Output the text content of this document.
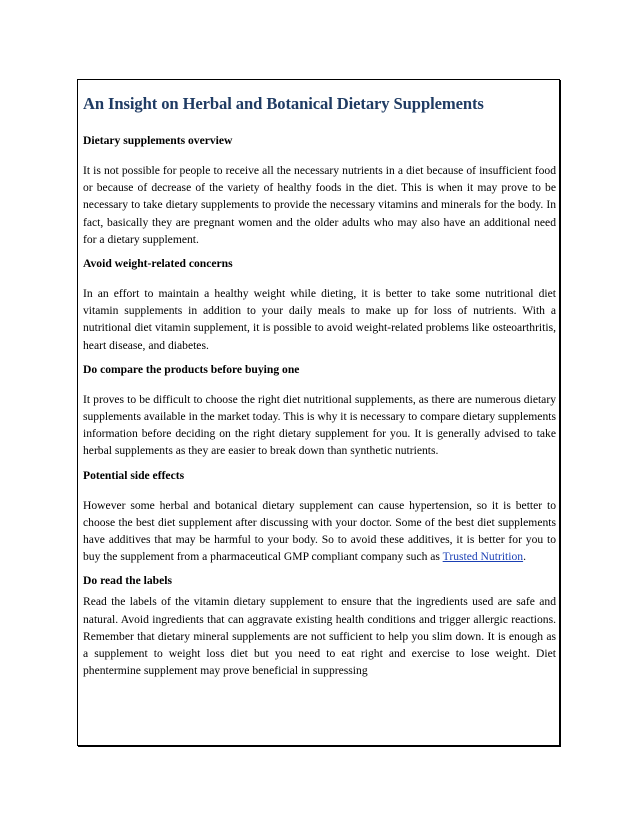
An Insight on Herbal and Botanical Dietary Supplements
Dietary supplements overview

It is not possible for people to receive all the necessary nutrients in a diet because of insufficient food or because of decrease of the variety of healthy foods in the diet. This is when it may prove to be necessary to take dietary supplements to provide the necessary vitamins and minerals for the body. In fact, basically they are pregnant women and the older adults who may also have an additional need for a dietary supplement.

Avoid weight-related concerns

In an effort to maintain a healthy weight while dieting, it is better to take some nutritional diet vitamin supplements in addition to your daily meals to make up for loss of nutrients. With a nutritional diet vitamin supplement, it is possible to avoid weight-related problems like osteoarthritis, heart disease, and diabetes.

Do compare the products before buying one

It proves to be difficult to choose the right diet nutritional supplements, as there are numerous dietary supplements available in the market today. This is why it is necessary to compare dietary supplements information before deciding on the right dietary supplement for you. It is generally advised to take herbal supplements as they are easier to break down than synthetic nutrients.

Potential side effects

However some herbal and botanical dietary supplement can cause hypertension, so it is better to choose the best diet supplement after discussing with your doctor. Some of the best diet supplements have additives that may be harmful to your body. So to avoid these additives, it is better for you to buy the supplement from a pharmaceutical GMP compliant company such as Trusted Nutrition.

Do read the labels

Read the labels of the vitamin dietary supplement to ensure that the ingredients used are safe and natural. Avoid ingredients that can aggravate existing health conditions and trigger allergic reactions. Remember that dietary mineral supplements are not sufficient to help you slim down. It is enough as a supplement to weight loss diet but you need to eat right and exercise to lose weight. Diet phentermine supplement may prove beneficial in suppressing
